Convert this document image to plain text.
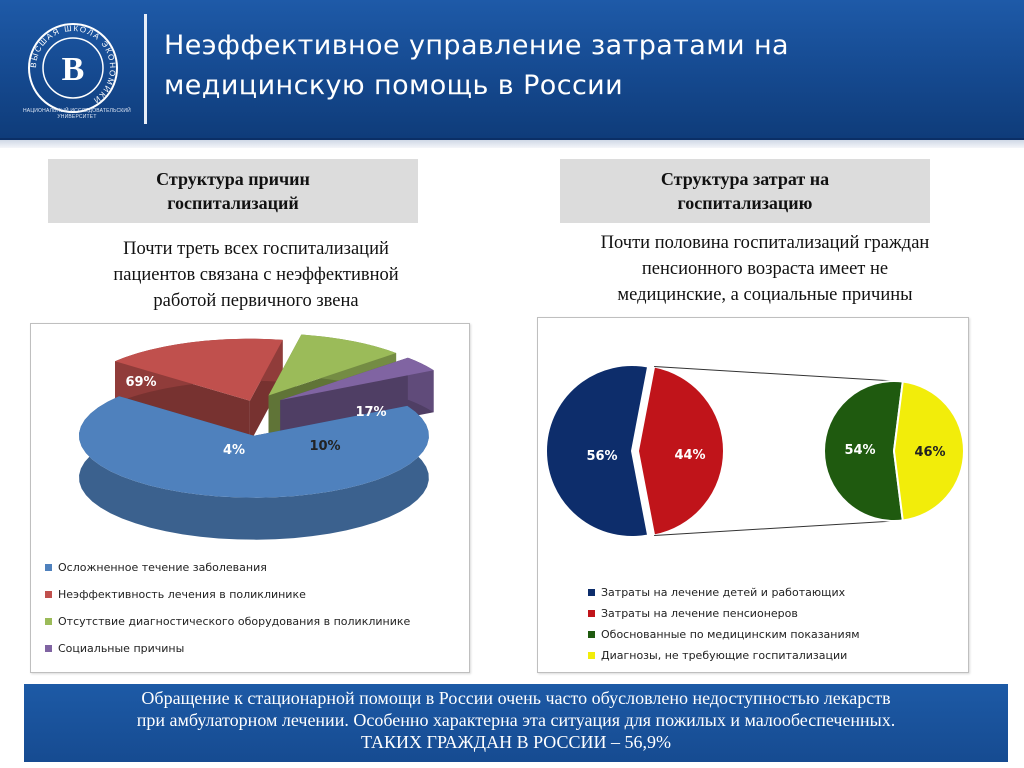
ВЫСШАЯ ШКОЛА ЭКОНОМИКИ
В
НАЦИОНАЛЬНЫЙ ИССЛЕДОВАТЕЛЬСКИЙ УНИВЕРСИТЕТ
Неэффективное управление затратами на
медицинскую помощь в России
Структура причин
госпитализаций
Почти треть всех госпитализаций
пациентов связана с неэффективной
работой первичного звена
69%
17%
10%
4%
Осложненное течение заболевания
Неэффективность лечения в поликлинике
Отсутствие диагностического оборудования в поликлинике
Социальные причины
Структура затрат на
госпитализацию
Почти половина госпитализаций граждан
пенсионного возраста имеет не
медицинские, а социальные причины
56%	44%	54%	46%
Затраты на лечение детей и работающих
Затраты на лечение пенсионеров
Обоснованные по медицинским показаниям
Диагнозы, не требующие госпитализации
Обращение к стационарной помощи в России очень часто обусловлено недоступностью лекарств
при амбулаторном лечении. Особенно характерна эта ситуация для пожилых и малообеспеченных.
ТАКИХ ГРАЖДАН В РОССИИ – 56,9%
